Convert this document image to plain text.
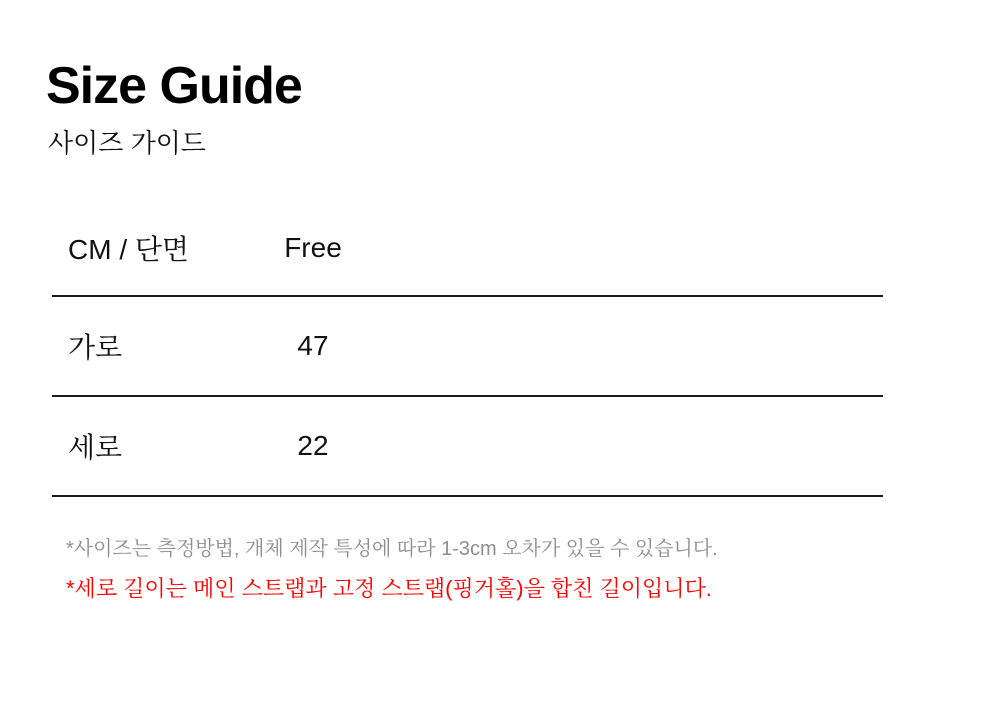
Size Guide
사이즈 가이드
CM / 단면	Free	
가로	47	
세로	22	
*사이즈는 측정방법, 개체 제작 특성에 따라 1-3cm 오차가 있을 수 있습니다.
*세로 길이는 메인 스트랩과 고정 스트랩(핑거홀)을 합친 길이입니다.
